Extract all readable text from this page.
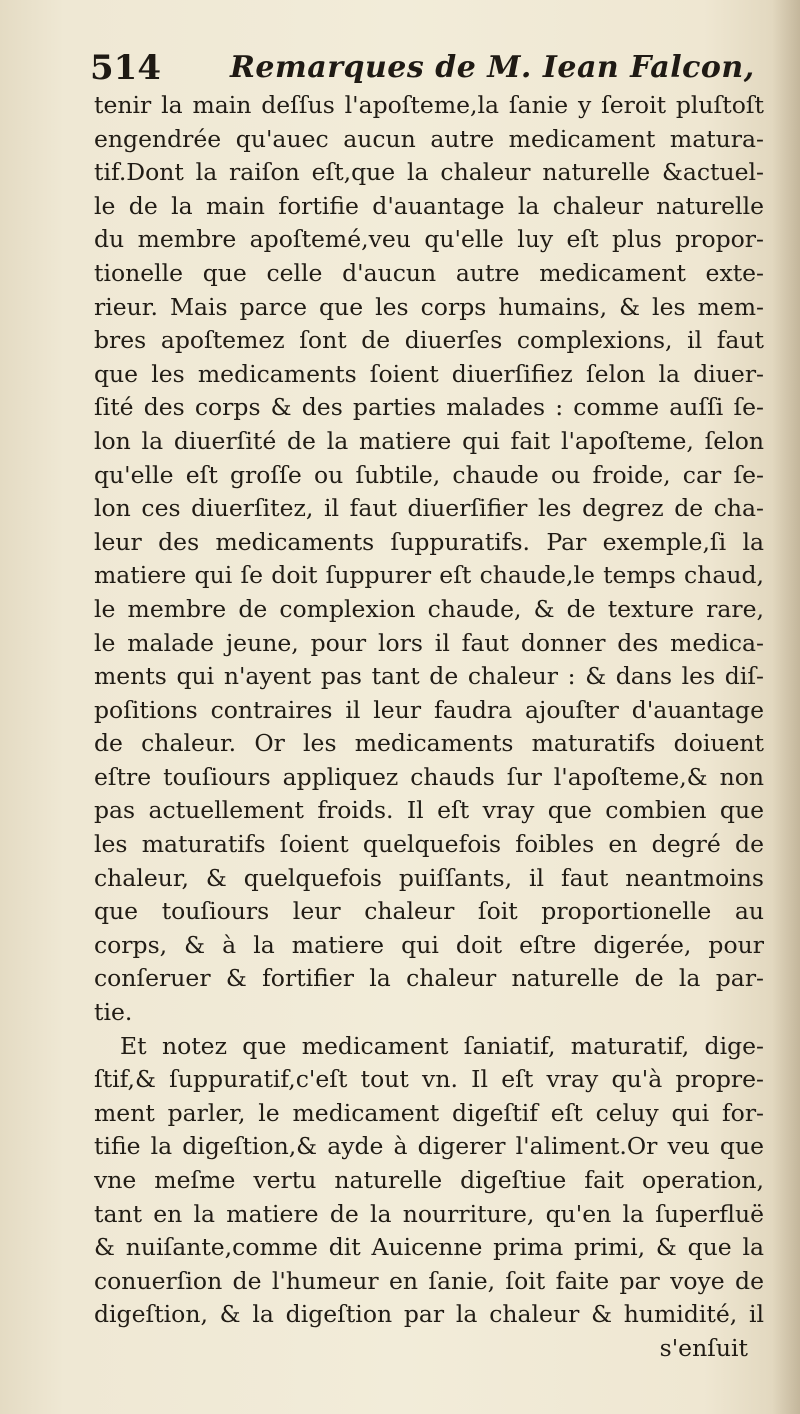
514 Remarques de M. Iean Falcon,
tenir la main deſſus l'apoſteme,la ſanie y ſeroit pluſtoſt
engendrée qu'auec aucun autre medicament matura-
tif.Dont la raiſon eſt,que la chaleur naturelle &actuel-
le de la main fortifie d'auantage la chaleur naturelle
du membre apoſtemé,veu qu'elle luy eſt plus propor-
tionelle que celle d'aucun autre medicament exte-
rieur. Mais parce que les corps humains, & les mem-
bres apoſtemez ſont de diuerſes complexions, il faut
que les medicaments ſoient diuerſifiez ſelon la diuer-
ſité des corps & des parties malades : comme auſſi ſe-
lon la diuerſité de la matiere qui fait l'apoſteme, ſelon
qu'elle eſt groſſe ou ſubtile, chaude ou froide, car ſe-
lon ces diuerſitez, il faut diuerſifier les degrez de cha-
leur des medicaments ſuppuratifs. Par exemple,ſi la
matiere qui ſe doit ſuppurer eſt chaude,le temps chaud,
le membre de complexion chaude, & de texture rare,
le malade jeune, pour lors il faut donner des medica-
ments qui n'ayent pas tant de chaleur : & dans les diſ-
poſitions contraires il leur faudra ajouſter d'auantage
de chaleur. Or les medicaments maturatifs doiuent
eſtre touſiours appliquez chauds ſur l'apoſteme,& non
pas actuellement froids. Il eſt vray que combien que
les maturatifs ſoient quelquefois foibles en degré de
chaleur, & quelquefois puiſſants, il faut neantmoins
que touſiours leur chaleur ſoit proportionelle au
corps, & à la matiere qui doit eſtre digerée, pour
conſeruer & fortifier la chaleur naturelle de la par-
tie.
Et notez que medicament ſaniatif, maturatif, dige-
ſtif,& ſuppuratif,c'eſt tout vn. Il eſt vray qu'à propre-
ment parler, le medicament digeſtif eſt celuy qui for-
tifie la digeſtion,& ayde à digerer l'aliment.Or veu que
vne meſme vertu naturelle digeſtiue fait operation,
tant en la matiere de la nourriture, qu'en la ſuperfluë
& nuiſante,comme dit Auicenne prima primi, & que la
conuerſion de l'humeur en ſanie, ſoit faite par voye de
digeſtion, & la digeſtion par la chaleur & humidité, il
s'enſuit
